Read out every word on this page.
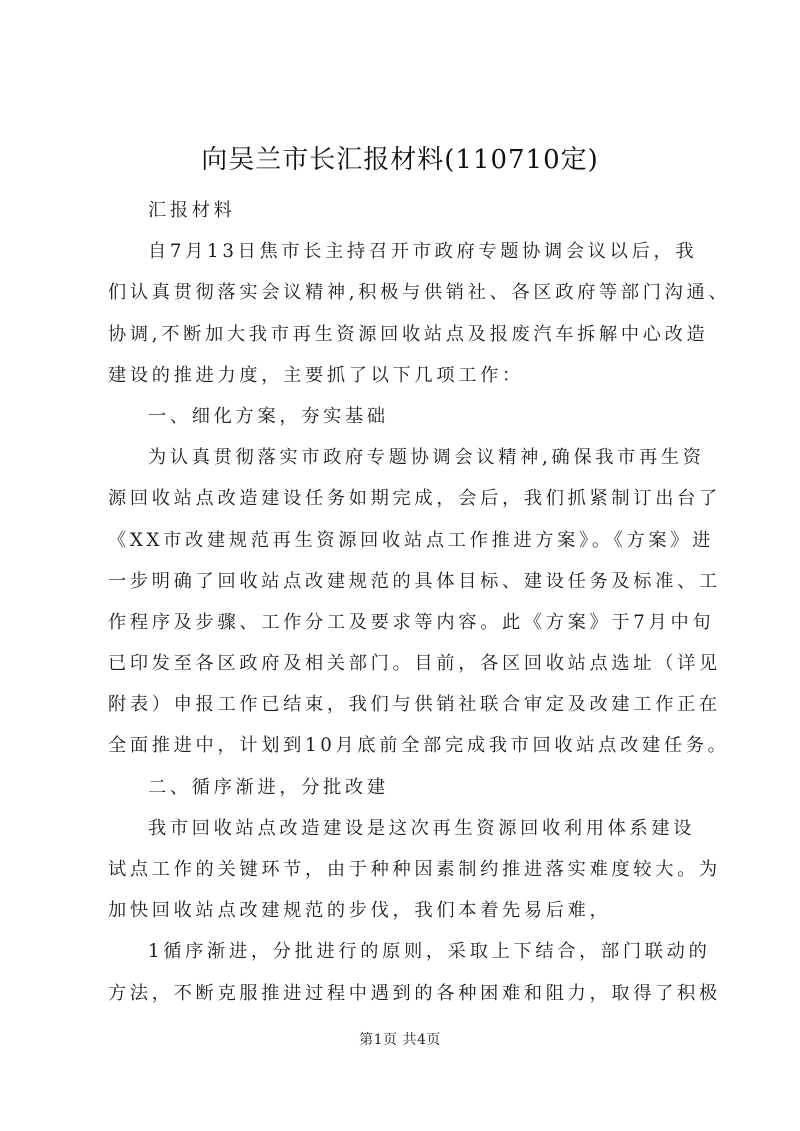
向吴兰市长汇报材料(110710定)
汇报材料
自7月13日焦市长主持召开市政府专题协调会议以后，我
们认真贯彻落实会议精神,积极与供销社、各区政府等部门沟通、
协调,不断加大我市再生资源回收站点及报废汽车拆解中心改造
建设的推进力度，主要抓了以下几项工作：
一、细化方案，夯实基础
为认真贯彻落实市政府专题协调会议精神,确保我市再生资
源回收站点改造建设任务如期完成，会后，我们抓紧制订出台了
《XX市改建规范再生资源回收站点工作推进方案》。《方案》进
一步明确了回收站点改建规范的具体目标、建设任务及标准、工
作程序及步骤、工作分工及要求等内容。此《方案》于7月中旬
已印发至各区政府及相关部门。目前，各区回收站点选址（详见
附表）申报工作已结束，我们与供销社联合审定及改建工作正在
全面推进中，计划到10月底前全部完成我市回收站点改建任务。
二、循序渐进，分批改建
我市回收站点改造建设是这次再生资源回收利用体系建设
试点工作的关键环节，由于种种因素制约推进落实难度较大。为
加快回收站点改建规范的步伐，我们本着先易后难，
1循序渐进，分批进行的原则，采取上下结合，部门联动的
方法，不断克服推进过程中遇到的各种困难和阻力，取得了积极
第1页 共4页
